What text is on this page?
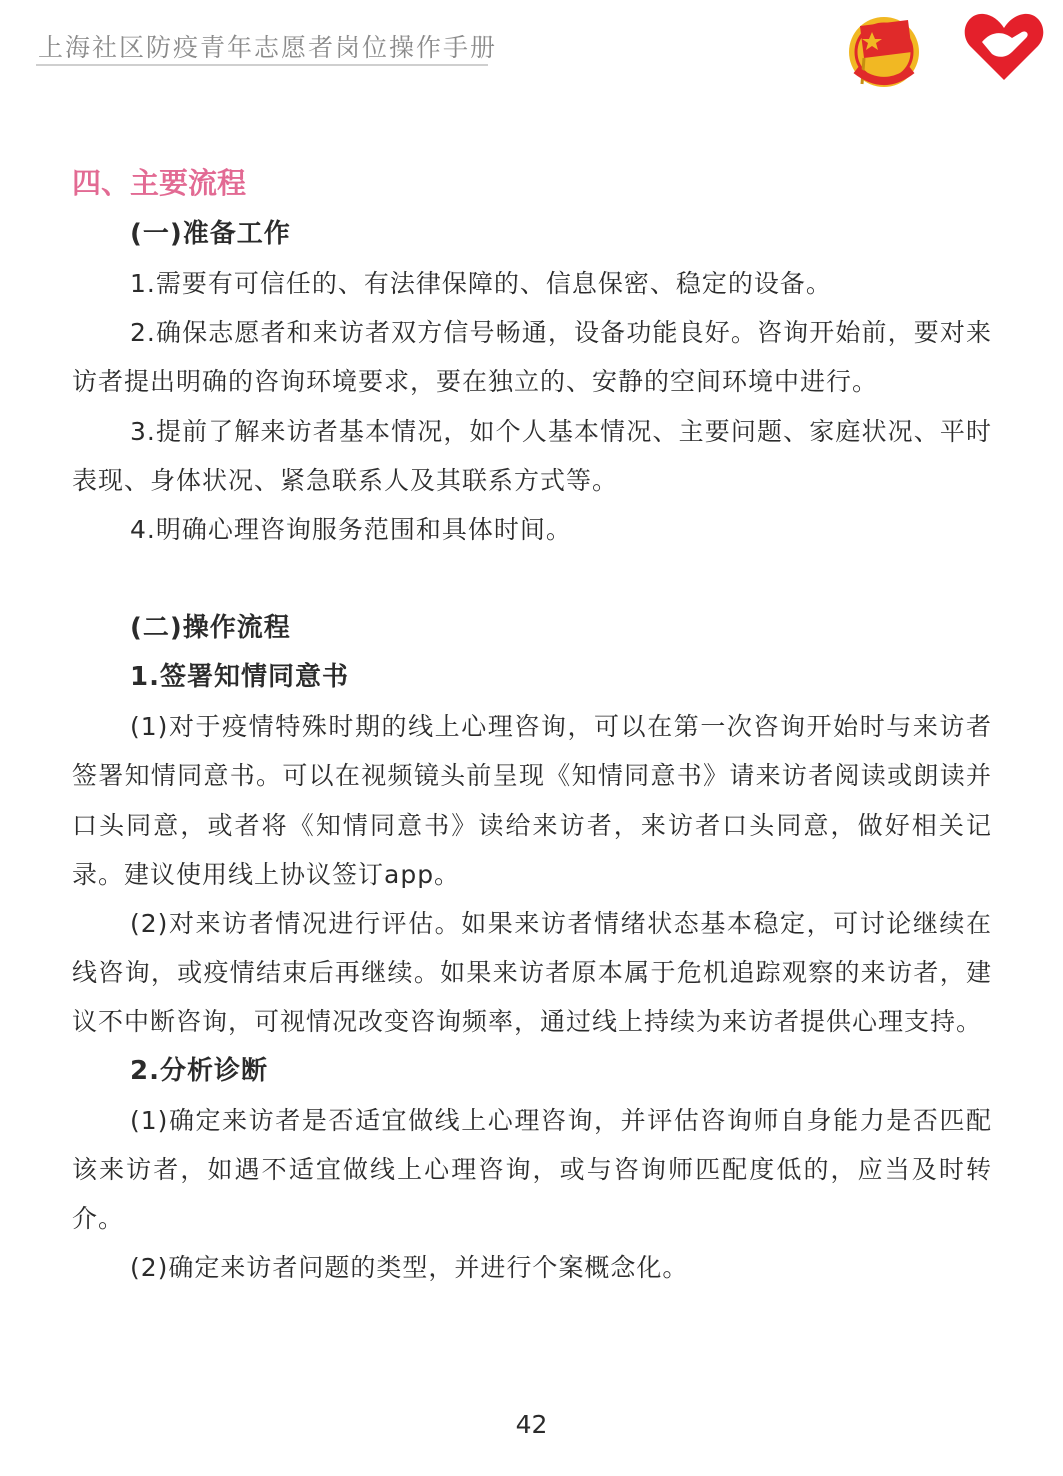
上海社区防疫青年志愿者岗位操作手册
四、主要流程
(一)准备工作
1.需要有可信任的、有法律保障的、信息保密、稳定的设备。
2.确保志愿者和来访者双方信号畅通，设备功能良好。咨询开始前，要对来访者提出明确的咨询环境要求，要在独立的、安静的空间环境中进行。
3.提前了解来访者基本情况，如个人基本情况、主要问题、家庭状况、平时表现、身体状况、紧急联系人及其联系方式等。
4.明确心理咨询服务范围和具体时间。
(二)操作流程
1.签署知情同意书
(1)对于疫情特殊时期的线上心理咨询，可以在第一次咨询开始时与来访者签署知情同意书。可以在视频镜头前呈现《知情同意书》请来访者阅读或朗读并口头同意，或者将《知情同意书》读给来访者，来访者口头同意，做好相关记录。建议使用线上协议签订app。
(2)对来访者情况进行评估。如果来访者情绪状态基本稳定，可讨论继续在线咨询，或疫情结束后再继续。如果来访者原本属于危机追踪观察的来访者，建议不中断咨询，可视情况改变咨询频率，通过线上持续为来访者提供心理支持。
2.分析诊断
(1)确定来访者是否适宜做线上心理咨询，并评估咨询师自身能力是否匹配该来访者，如遇不适宜做线上心理咨询，或与咨询师匹配度低的，应当及时转介。
(2)确定来访者问题的类型，并进行个案概念化。
42
